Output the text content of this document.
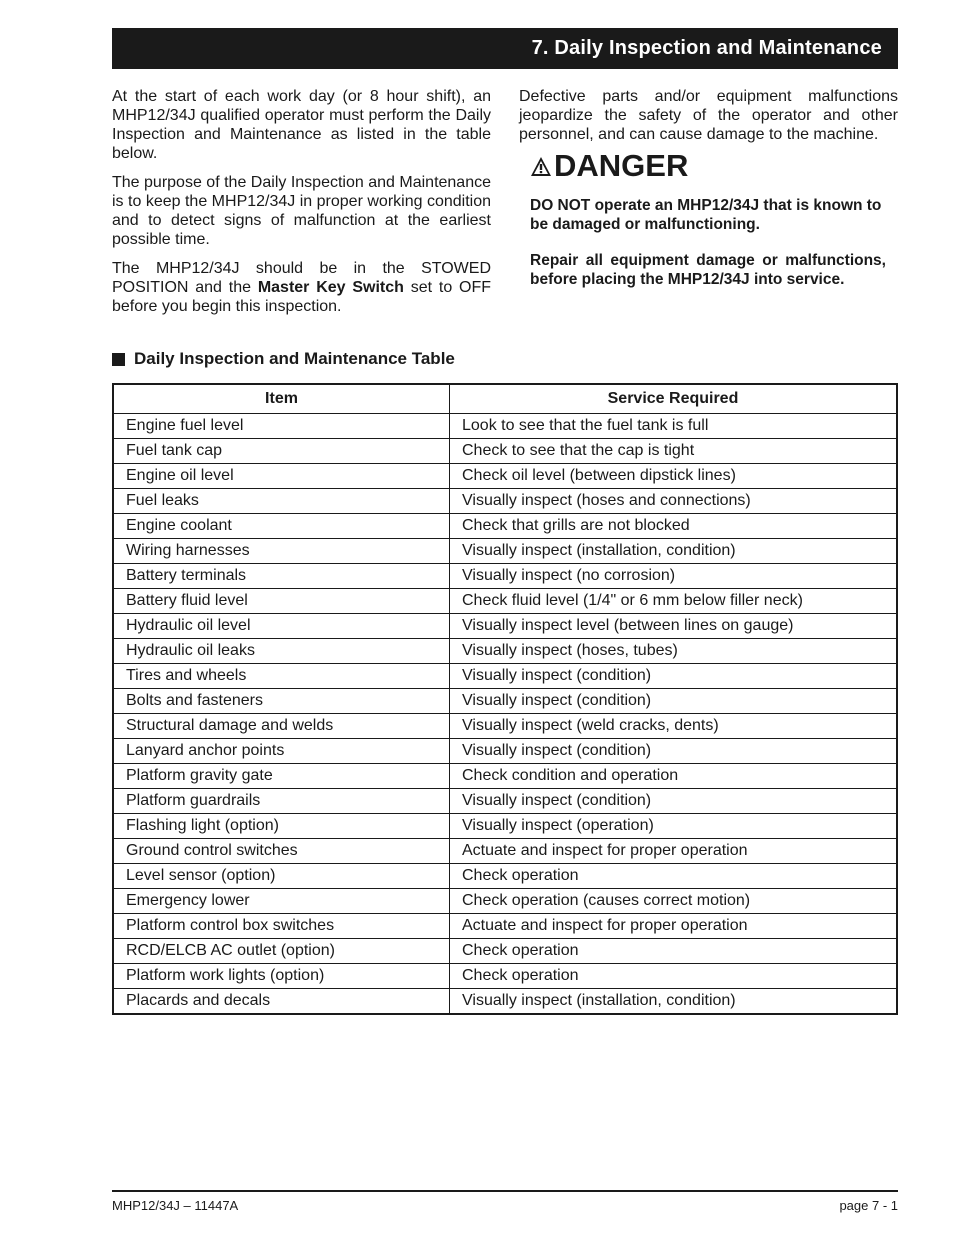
7. Daily Inspection and Maintenance

At the start of each work day (or 8 hour shift), an MHP12/34J qualified operator must perform the Daily Inspection and Maintenance as listed in the table below.

The purpose of the Daily Inspection and Maintenance is to keep the MHP12/34J in proper working condition and to detect signs of malfunction at the earliest possible time.

The MHP12/34J should be in the STOWED POSITION and the Master Key Switch set to OFF before you begin this inspection.

Defective parts and/or equipment malfunctions jeopardize the safety of the operator and other personnel, and can cause damage to the machine.

DANGER

DO NOT operate an MHP12/34J that is known to be damaged or malfunctioning.

Repair all equipment damage or malfunctions, before placing the MHP12/34J into service.

Daily Inspection and Maintenance Table
Item	Service Required
Engine fuel level	Look to see that the fuel tank is full
Fuel tank cap	Check to see that the cap is tight
Engine oil level	Check oil level (between dipstick lines)
Fuel leaks	Visually inspect (hoses and connections)
Engine coolant	Check that grills are not blocked
Wiring harnesses	Visually inspect (installation, condition)
Battery terminals	Visually inspect (no corrosion)
Battery fluid level	Check fluid level (1/4" or 6 mm below filler neck)
Hydraulic oil level	Visually inspect level (between lines on gauge)
Hydraulic oil leaks	Visually inspect (hoses, tubes)
Tires and wheels	Visually inspect (condition)
Bolts and fasteners	Visually inspect (condition)
Structural damage and welds	Visually inspect (weld cracks, dents)
Lanyard anchor points	Visually inspect (condition)
Platform gravity gate	Check condition and operation
Platform guardrails	Visually inspect (condition)
Flashing light (option)	Visually inspect (operation)
Ground control switches	Actuate and inspect for proper operation
Level sensor (option)	Check operation
Emergency lower	Check operation (causes correct motion)
Platform control box switches	Actuate and inspect for proper operation
RCD/ELCB AC outlet (option)	Check operation
Platform work lights (option)	Check operation
Placards and decals	Visually inspect (installation, condition)
MHP12/34J – 11447A	page 7 - 1
